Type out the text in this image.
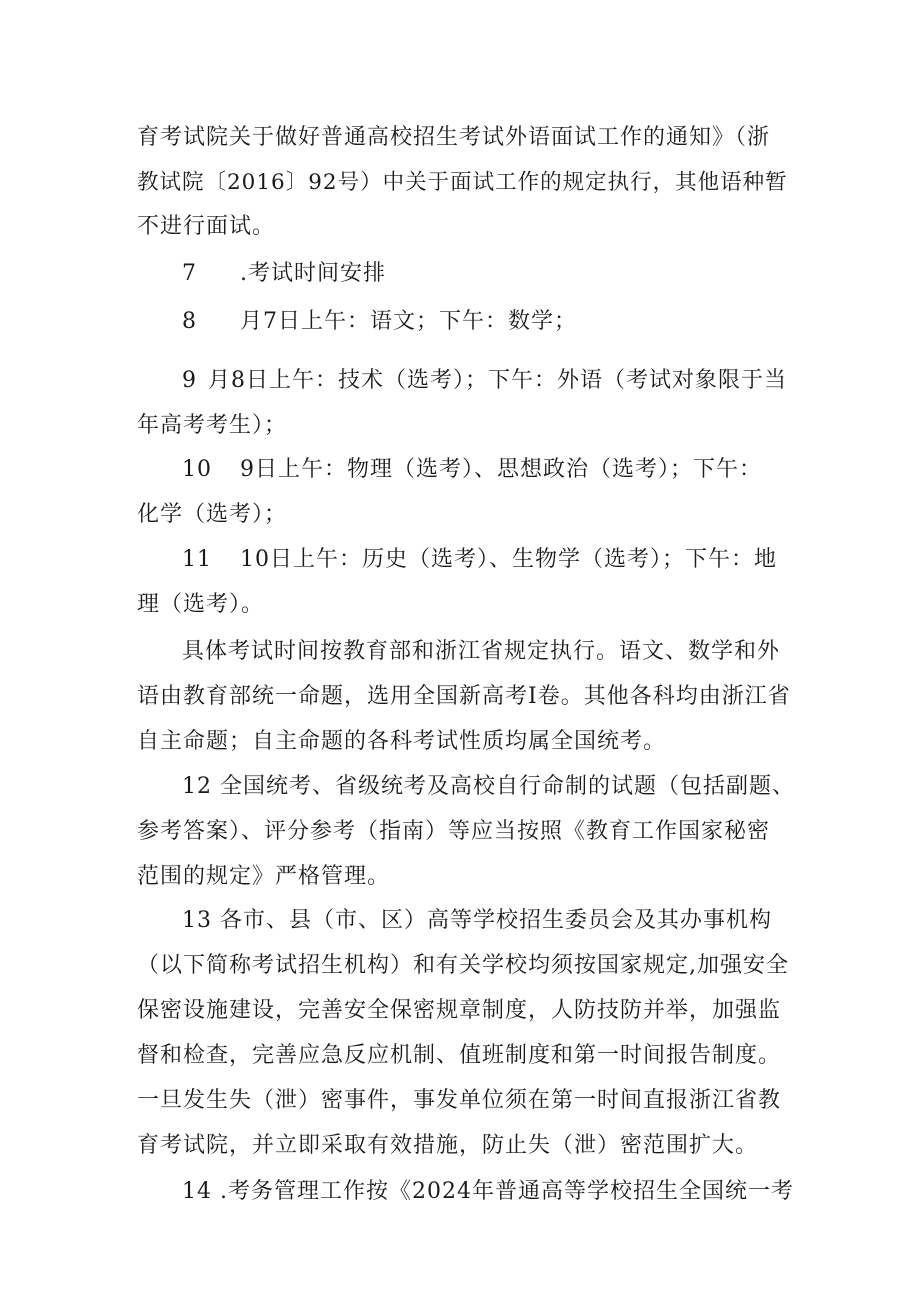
育考试院关于做好普通高校招生考试外语面试工作的通知》（浙
教试院〔2016〕92号）中关于面试工作的规定执行，其他语种暂
不进行面试。
7 .考试时间安排
8 月7日上午：语文；下午：数学；
9 月8日上午：技术（选考）；下午：外语（考试对象限于当
年高考考生）；
10 9日上午：物理（选考）、思想政治（选考）；下午：
化学（选考）；
11 10日上午：历史（选考）、生物学（选考）；下午：地
理（选考）。
具体考试时间按教育部和浙江省规定执行。语文、数学和外
语由教育部统一命题，选用全国新高考I卷。其他各科均由浙江省
自主命题；自主命题的各科考试性质均属全国统考。
12 全国统考、省级统考及高校自行命制的试题（包括副题、
参考答案）、评分参考（指南）等应当按照《教育工作国家秘密
范围的规定》严格管理。
13 各市、县（市、区）高等学校招生委员会及其办事机构
（以下简称考试招生机构）和有关学校均须按国家规定,加强安全
保密设施建设，完善安全保密规章制度，人防技防并举，加强监
督和检查，完善应急反应机制、值班制度和第一时间报告制度。
一旦发生失（泄）密事件，事发单位须在第一时间直报浙江省教
育考试院，并立即采取有效措施，防止失（泄）密范围扩大。
14 .考务管理工作按《2024年普通高等学校招生全国统一考
